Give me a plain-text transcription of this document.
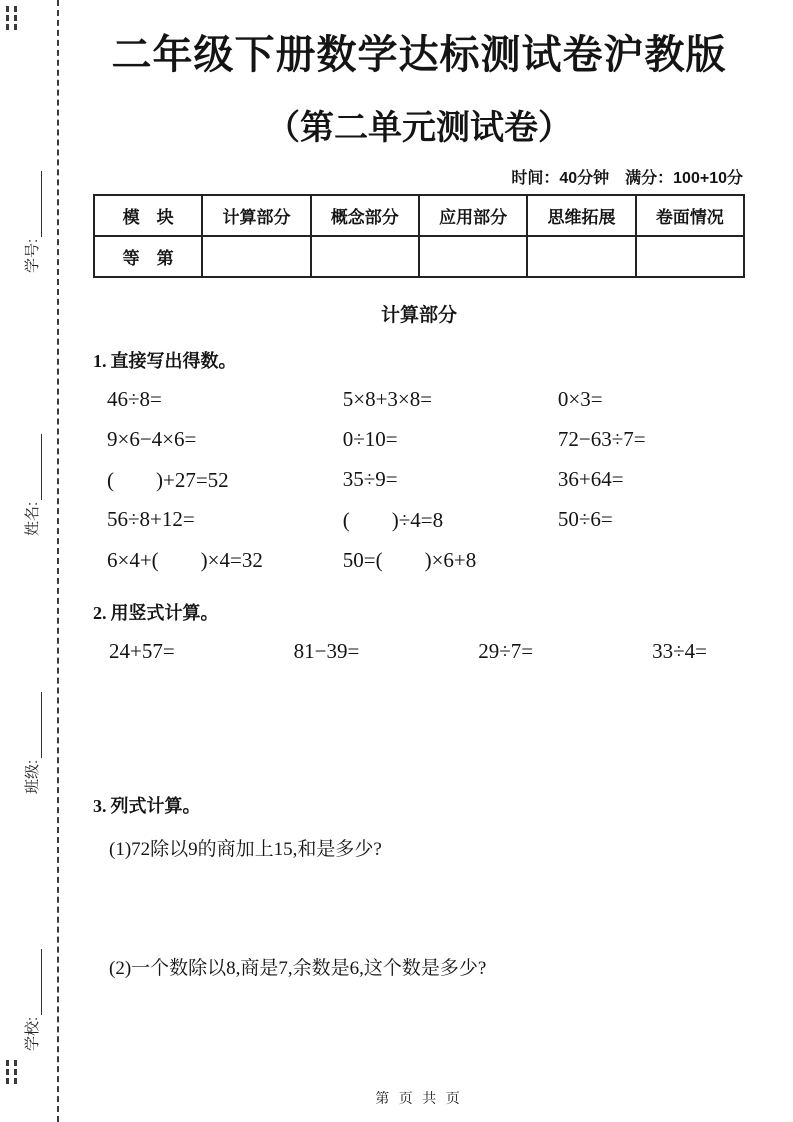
学号:
姓名:
班级:
学校:
二年级下册数学达标测试卷沪教版
（第二单元测试卷）
时间：40分钟　满分：100+10分
模　块	计算部分	概念部分	应用部分	思维拓展	卷面情况
等　第					
计算部分
1. 直接写出得数。
46÷8=	5×8+3×8=	0×3=
9×6−4×6=	0÷10=	72−63÷7=
(　　)+27=52	35÷9=	36+64=
56÷8+12=	(　　)÷4=8	50÷6=
6×4+(　　)×4=32	50=(　　)×6+8
2. 用竖式计算。
24+57=	81−39=	29÷7=	33÷4=
3. 列式计算。
(1)72除以9的商加上15,和是多少?
(2)一个数除以8,商是7,余数是6,这个数是多少?
第 页 共 页
